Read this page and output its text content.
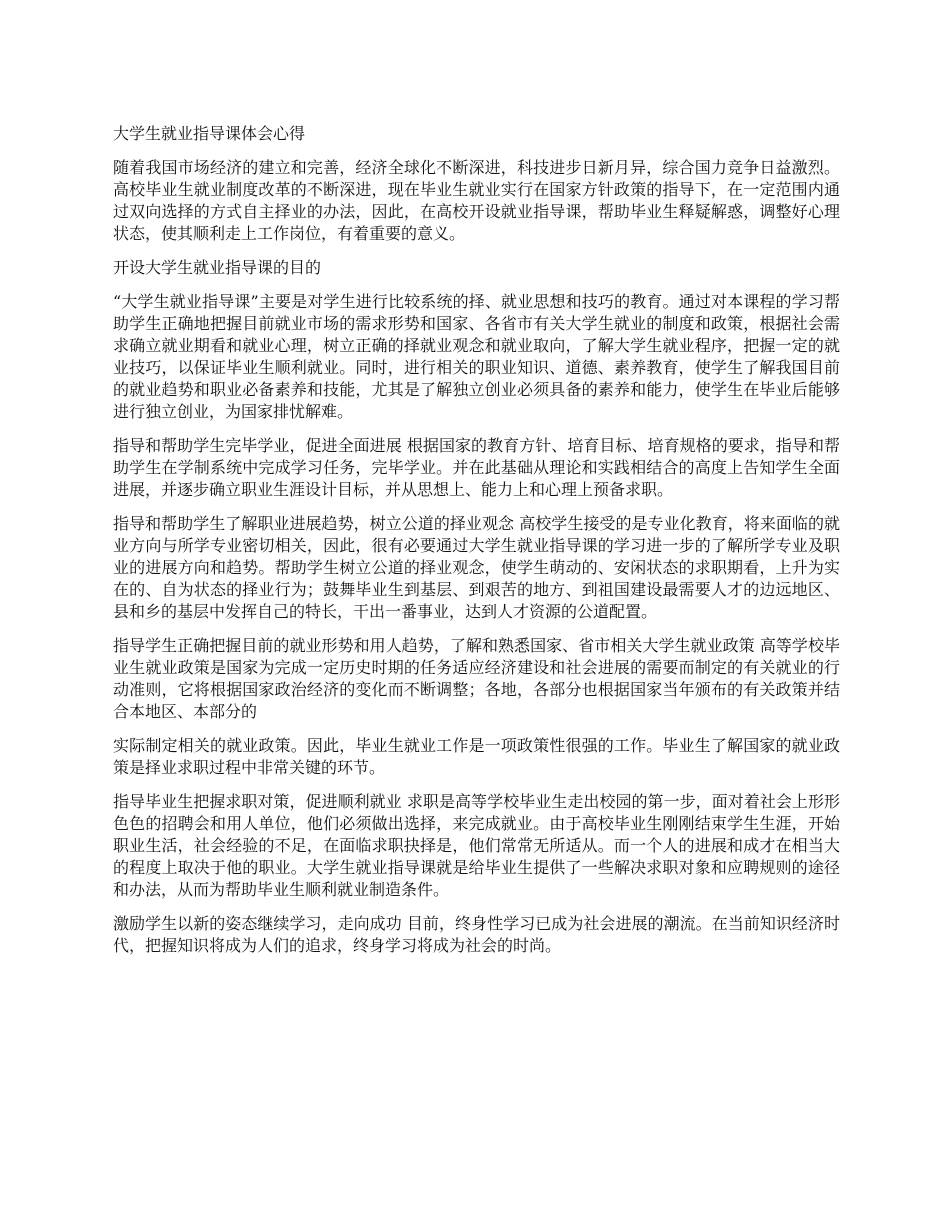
大学生就业指导课体会心得

随着我国市场经济的建立和完善，经济全球化不断深进，科技进步日新月异，综合国力竞争日益激烈。高校毕业生就业制度改革的不断深进，现在毕业生就业实行在国家方针政策的指导下，在一定范围内通过双向选择的方式自主择业的办法，因此，在高校开设就业指导课，帮助毕业生释疑解惑，调整好心理状态，使其顺利走上工作岗位，有着重要的意义。

开设大学生就业指导课的目的

“大学生就业指导课”主要是对学生进行比较系统的择、就业思想和技巧的教育。通过对本课程的学习帮助学生正确地把握目前就业市场的需求形势和国家、各省市有关大学生就业的制度和政策，根据社会需求确立就业期看和就业心理，树立正确的择就业观念和就业取向，了解大学生就业程序，把握一定的就业技巧，以保证毕业生顺利就业。同时，进行相关的职业知识、道德、素养教育，使学生了解我国目前的就业趋势和职业必备素养和技能，尤其是了解独立创业必须具备的素养和能力，使学生在毕业后能够进行独立创业，为国家排忧解难。

指导和帮助学生完毕学业，促进全面进展 根据国家的教育方针、培育目标、培育规格的要求，指导和帮助学生在学制系统中完成学习任务，完毕学业。并在此基础从理论和实践相结合的高度上告知学生全面进展，并逐步确立职业生涯设计目标，并从思想上、能力上和心理上预备求职。

指导和帮助学生了解职业进展趋势，树立公道的择业观念 高校学生接受的是专业化教育，将来面临的就业方向与所学专业密切相关，因此，很有必要通过大学生就业指导课的学习进一步的了解所学专业及职业的进展方向和趋势。帮助学生树立公道的择业观念，使学生萌动的、安闲状态的求职期看，上升为实在的、自为状态的择业行为；鼓舞毕业生到基层、到艰苦的地方、到祖国建设最需要人才的边远地区、县和乡的基层中发挥自己的特长，干出一番事业，达到人才资源的公道配置。

指导学生正确把握目前的就业形势和用人趋势，了解和熟悉国家、省市相关大学生就业政策 高等学校毕业生就业政策是国家为完成一定历史时期的任务适应经济建设和社会进展的需要而制定的有关就业的行动准则，它将根据国家政治经济的变化而不断调整；各地，各部分也根据国家当年颁布的有关政策并结合本地区、本部分的

实际制定相关的就业政策。因此，毕业生就业工作是一项政策性很强的工作。毕业生了解国家的就业政策是择业求职过程中非常关键的环节。

指导毕业生把握求职对策，促进顺利就业 求职是高等学校毕业生走出校园的第一步，面对着社会上形形色色的招聘会和用人单位，他们必须做出选择，来完成就业。由于高校毕业生刚刚结束学生生涯，开始职业生活，社会经验的不足，在面临求职抉择是，他们常常无所适从。而一个人的进展和成才在相当大的程度上取决于他的职业。大学生就业指导课就是给毕业生提供了一些解决求职对象和应聘规则的途径和办法，从而为帮助毕业生顺利就业制造条件。

激励学生以新的姿态继续学习，走向成功 目前，终身性学习已成为社会进展的潮流。在当前知识经济时代，把握知识将成为人们的追求，终身学习将成为社会的时尚。
